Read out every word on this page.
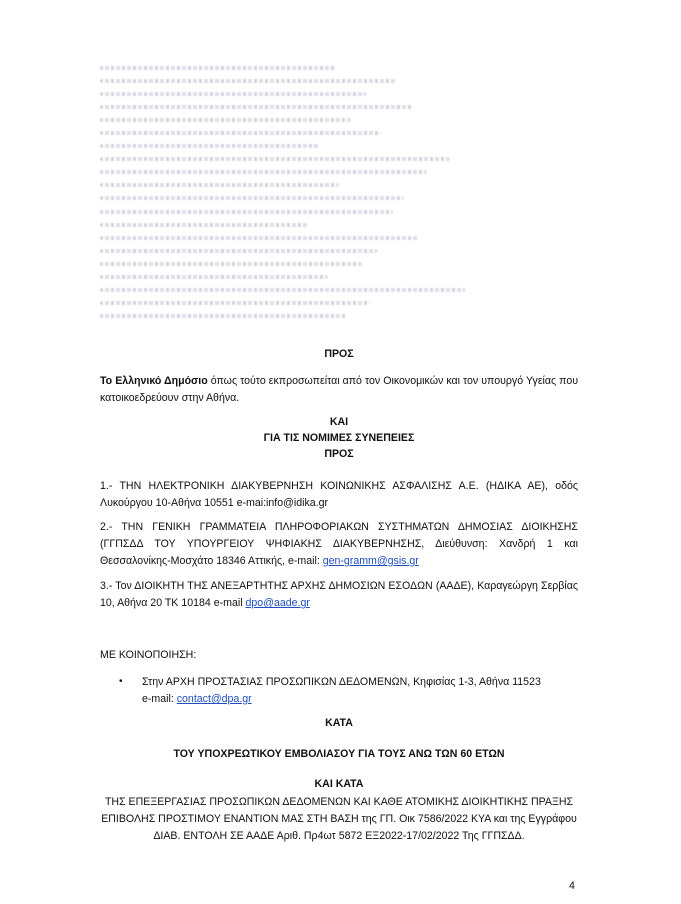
ΠΡΟΣ
Το Ελληνικό Δημόσιο όπως τούτο εκπροσωπείται από τον Οικονομικών και τον υπουργό Υγείας που κατοικοεδρεύουν στην Αθήνα.
ΚΑΙ
ΓΙΑ ΤΙΣ ΝΟΜΙΜΕΣ ΣΥΝΕΠΕΙΕΣ
ΠΡΟΣ
1.- ΤΗΝ ΗΛΕΚΤΡΟΝΙΚΗ ΔΙΑΚΥΒΕΡΝΗΣΗ ΚΟΙΝΩΝΙΚΗΣ ΑΣΦΑΛΙΣΗΣ Α.Ε. (ΗΔΙΚΑ ΑΕ), οδός Λυκούργου 10-Αθήνα 10551 e-mai:info@idika.gr
2.- ΤΗΝ ΓΕΝΙΚΗ ΓΡΑΜΜΑΤΕΙΑ ΠΛΗΡΟΦΟΡΙΑΚΩΝ ΣΥΣΤΗΜΑΤΩΝ ΔΗΜΟΣΙΑΣ ΔΙΟΙΚΗΣΗΣ (ΓΓΠΣΔΔ ΤΟΥ ΥΠΟΥΡΓΕΙΟΥ ΨΗΦΙΑΚΗΣ ΔΙΑΚΥΒΕΡΝΗΣΗΣ, Διεύθυνση: Χανδρή 1 και Θεσσαλονίκης-Μοσχάτο 18346 Αττικής, e-mail: gen-gramm@gsis.gr
3.- Τον ΔΙΟΙΚΗΤΗ ΤΗΣ ΑΝΕΞΑΡΤΗΤΗΣ ΑΡΧΗΣ ΔΗΜΟΣΙΩΝ ΕΣΟΔΩΝ (ΑΑΔΕ), Καραγεώργη Σερβίας 10, Αθήνα 20 ΤΚ 10184 e-mail dpo@aade.gr
ΜΕ ΚΟΙΝΟΠΟΙΗΣΗ:
• Στην ΑΡΧΗ ΠΡΟΣΤΑΣΙΑΣ ΠΡΟΣΩΠΙΚΩΝ ΔΕΔΟΜΕΝΩΝ, Κηφισίας 1-3, Αθήνα 11523
e-mail: contact@dpa.gr
ΚΑΤΑ
ΤΟΥ ΥΠΟΧΡΕΩΤΙΚΟΥ ΕΜΒΟΛΙΑΣΟΥ ΓΙΑ ΤΟΥΣ ΑΝΩ ΤΩΝ 60 ΕΤΩΝ
ΚΑΙ ΚΑΤΑ
ΤΗΣ ΕΠΕΞΕΡΓΑΣΙΑΣ ΠΡΟΣΩΠΙΚΩΝ ΔΕΔΟΜΕΝΩΝ ΚΑΙ ΚΑΘΕ ΑΤΟΜΙΚΗΣ ΔΙΟΙΚΗΤΙΚΗΣ ΠΡΑΞΗΣ ΕΠΙΒΟΛΗΣ ΠΡΟΣΤΙΜΟΥ ΕΝΑΝΤΙΟΝ ΜΑΣ ΣΤΗ ΒΑΣΗ της ΓΠ. Οικ 7586/2022 ΚΥΑ και της Εγγράφου ΔΙΑΒ. ΕΝΤΟΛΗ ΣΕ ΑΑΔΕ Αριθ. Πρ4ωτ 5872 ΕΞ2022-17/02/2022 Της ΓΓΠΣΔΔ.
4
